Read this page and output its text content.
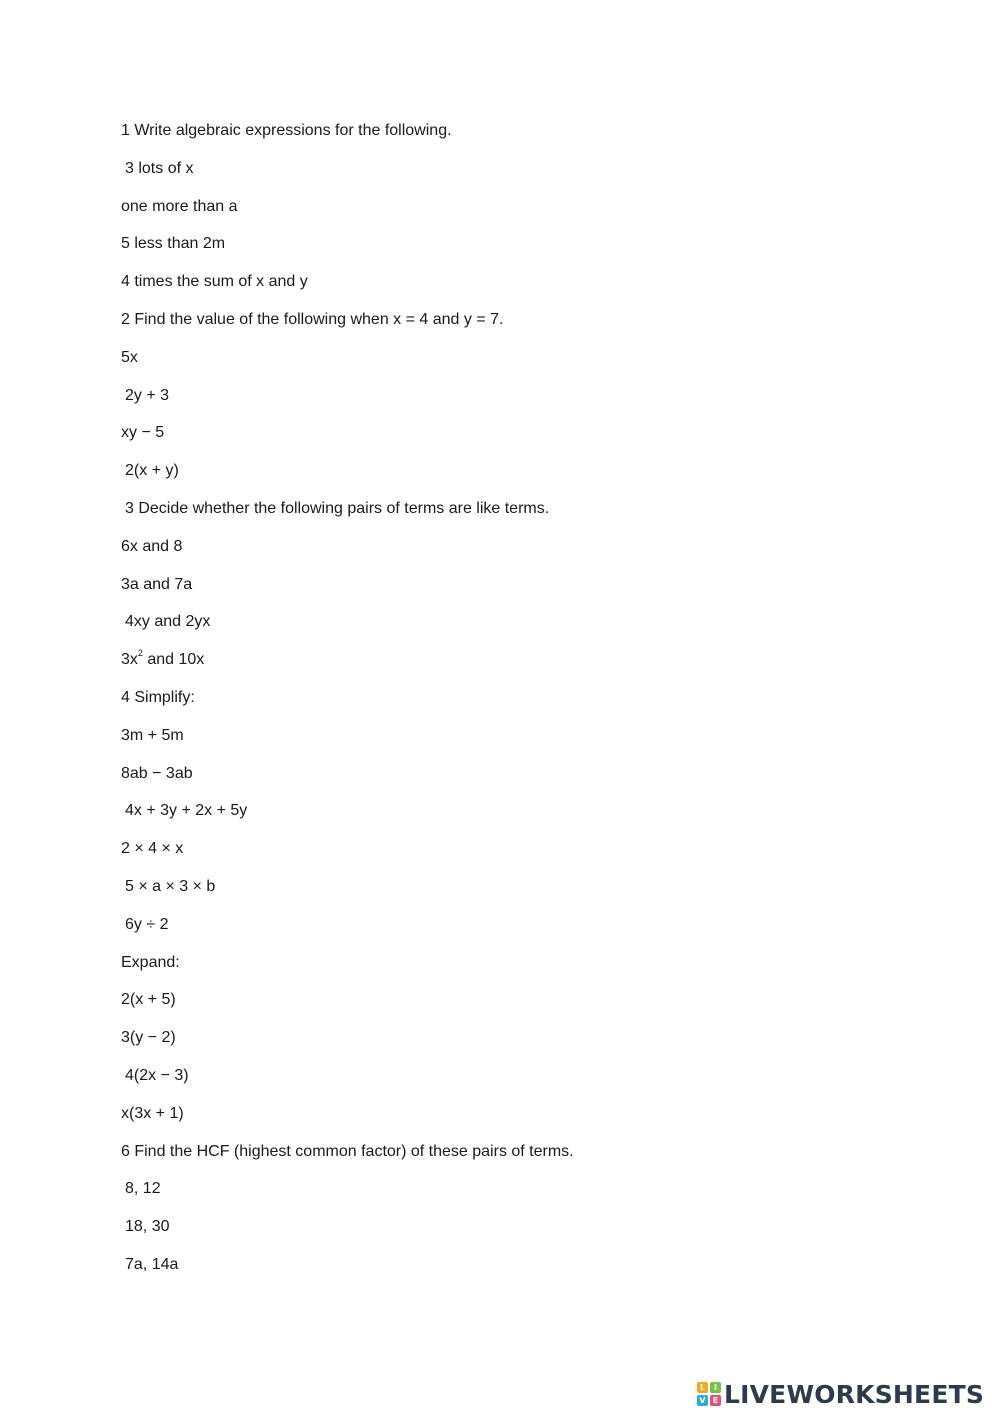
1 Write algebraic expressions for the following.
3 lots of x
one more than a
5 less than 2m
4 times the sum of x and y
2 Find the value of the following when x = 4 and y = 7.
5x
2y + 3
xy − 5
2(x + y)
3 Decide whether the following pairs of terms are like terms.
6x and 8
3a and 7a
4xy and 2yx
$3x^2$ and 10x
4 Simplify:
3m + 5m
8ab − 3ab
4x + 3y + 2x + 5y
2 × 4 × x
5 × a × 3 × b
6y ÷ 2
Expand:
2(x + 5)
3(y − 2)
4(2x − 3)
x(3x + 1)
6 Find the HCF (highest common factor) of these pairs of terms.
8, 12
18, 30
7a, 14a
L	I
V E LIVEWORKSHEETS
